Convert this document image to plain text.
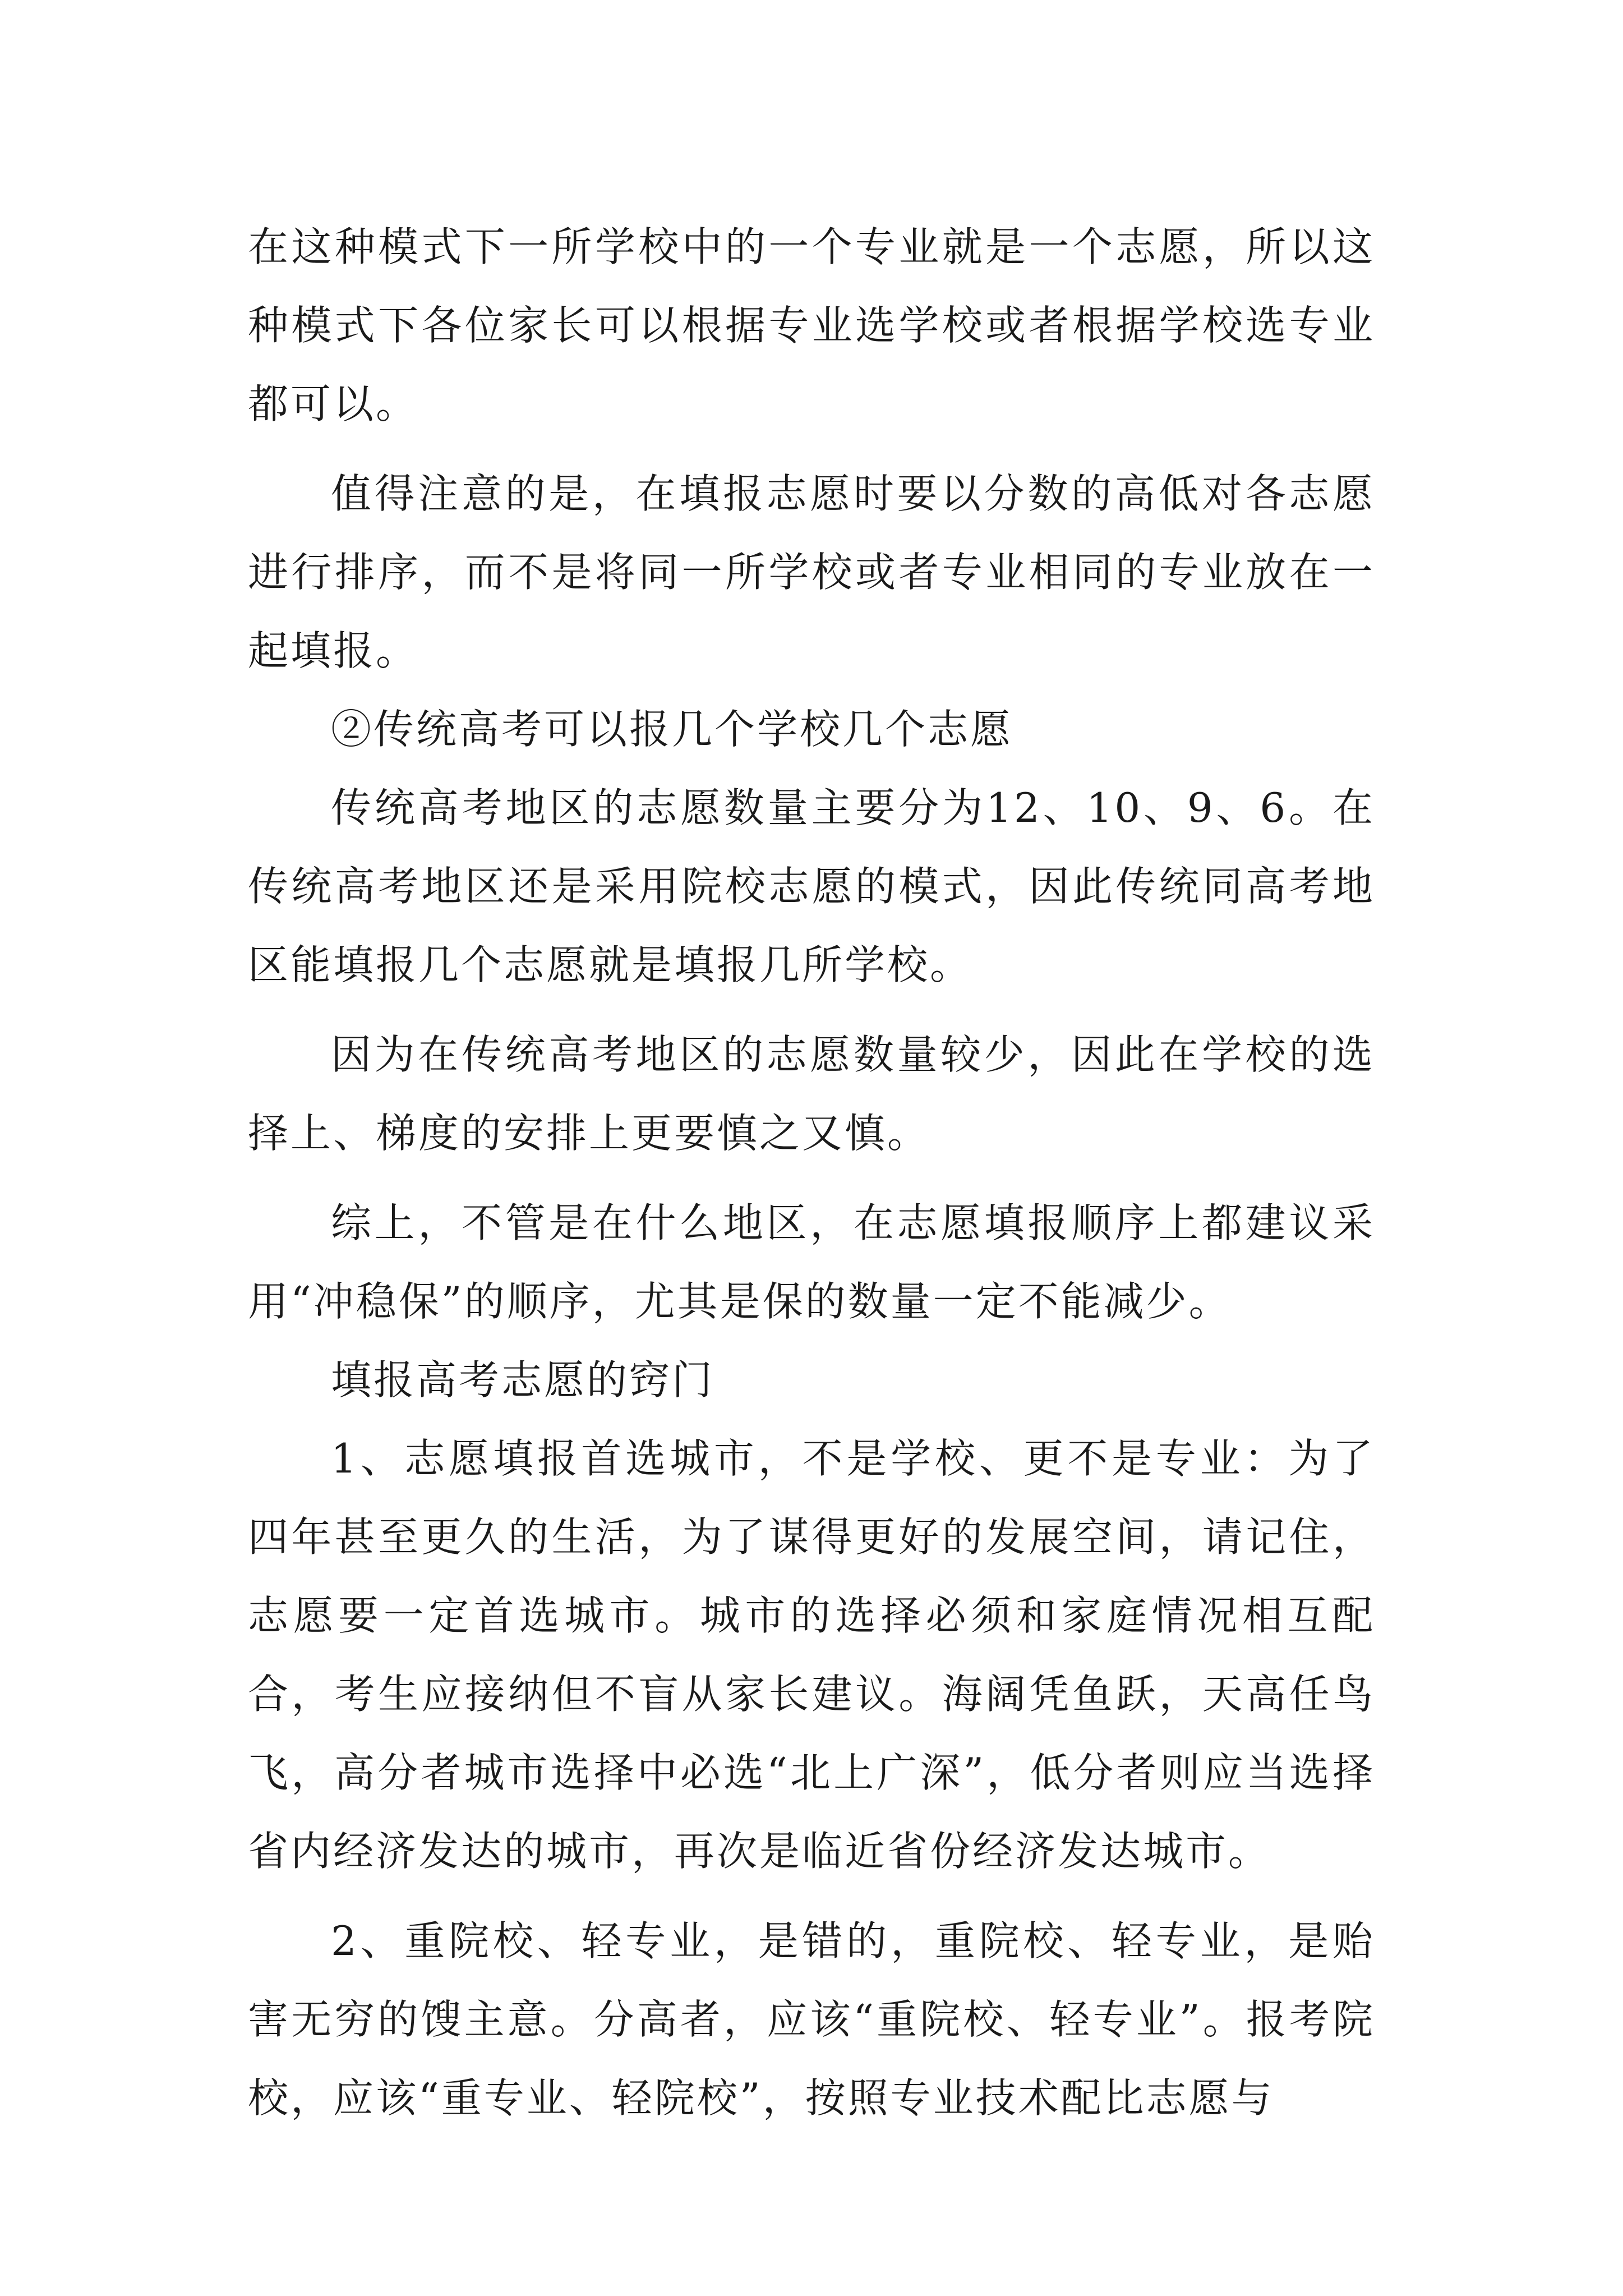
在这种模式下一所学校中的一个专业就是一个志愿，所以这种模式下各位家长可以根据专业选学校或者根据学校选专业都可以。

值得注意的是，在填报志愿时要以分数的高低对各志愿进行排序，而不是将同一所学校或者专业相同的专业放在一起填报。

②传统高考可以报几个学校几个志愿

传统高考地区的志愿数量主要分为12、10、9、6。在传统高考地区还是采用院校志愿的模式，因此传统同高考地区能填报几个志愿就是填报几所学校。

因为在传统高考地区的志愿数量较少，因此在学校的选择上、梯度的安排上更要慎之又慎。

综上，不管是在什么地区，在志愿填报顺序上都建议采用“冲稳保”的顺序，尤其是保的数量一定不能减少。

填报高考志愿的窍门

1、志愿填报首选城市，不是学校、更不是专业：为了四年甚至更久的生活，为了谋得更好的发展空间，请记住，志愿要一定首选城市。城市的选择必须和家庭情况相互配合，考生应接纳但不盲从家长建议。海阔凭鱼跃，天高任鸟飞，高分者城市选择中必选“北上广深”，低分者则应当选择省内经济发达的城市，再次是临近省份经济发达城市。

2、重院校、轻专业，是错的，重院校、轻专业，是贻害无穷的馊主意。分高者，应该“重院校、轻专业”。报考院校，应该“重专业、轻院校”，按照专业技术配比志愿与
